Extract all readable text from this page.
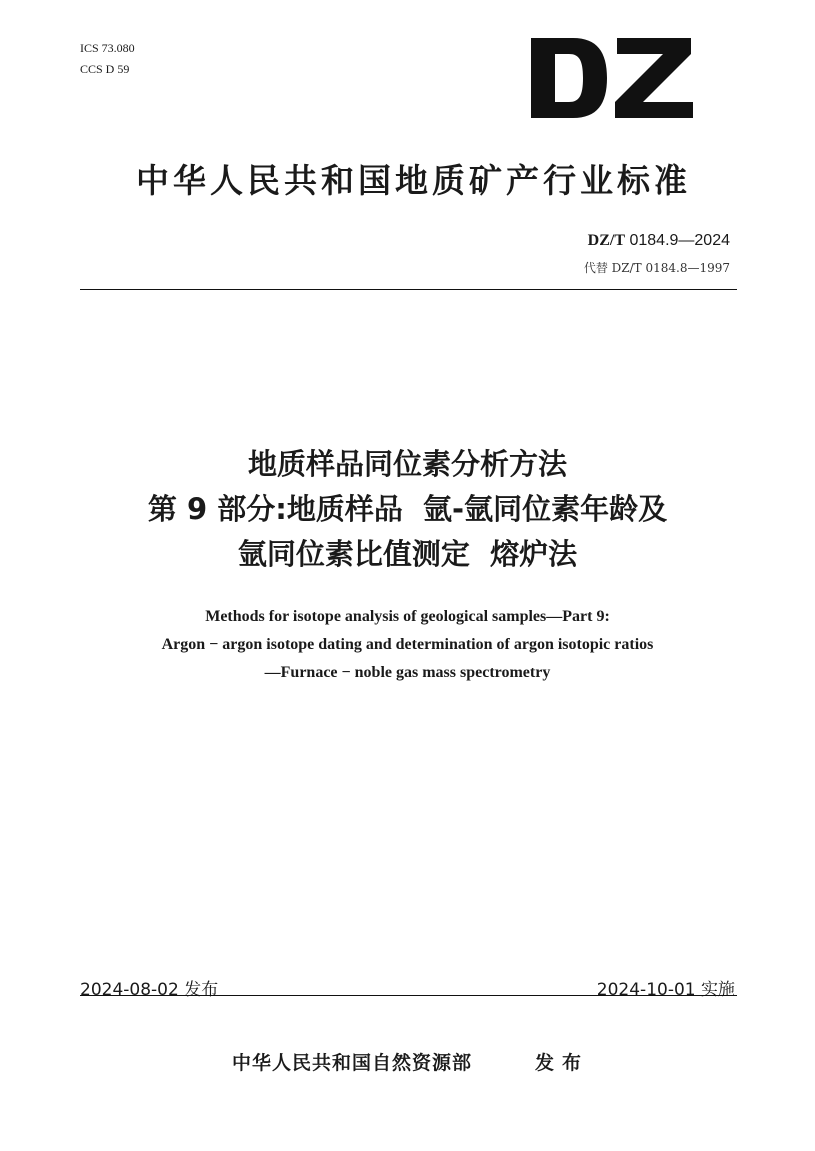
ICS 73.080
CCS D 59
中华人民共和国地质矿产行业标准
DZ/T 0184.9—2024
代替 DZ/T 0184.8—1997
地质样品同位素分析方法
第 9 部分:地质样品  氩-氩同位素年龄及
氩同位素比值测定  熔炉法
Methods for isotope analysis of geological samples—Part 9:
Argon − argon isotope dating and determination of argon isotopic ratios
—Furnace − noble gas mass spectrometry
2024-08-02 发布	2024-10-01 实施
中华人民共和国自然资源部	发布
